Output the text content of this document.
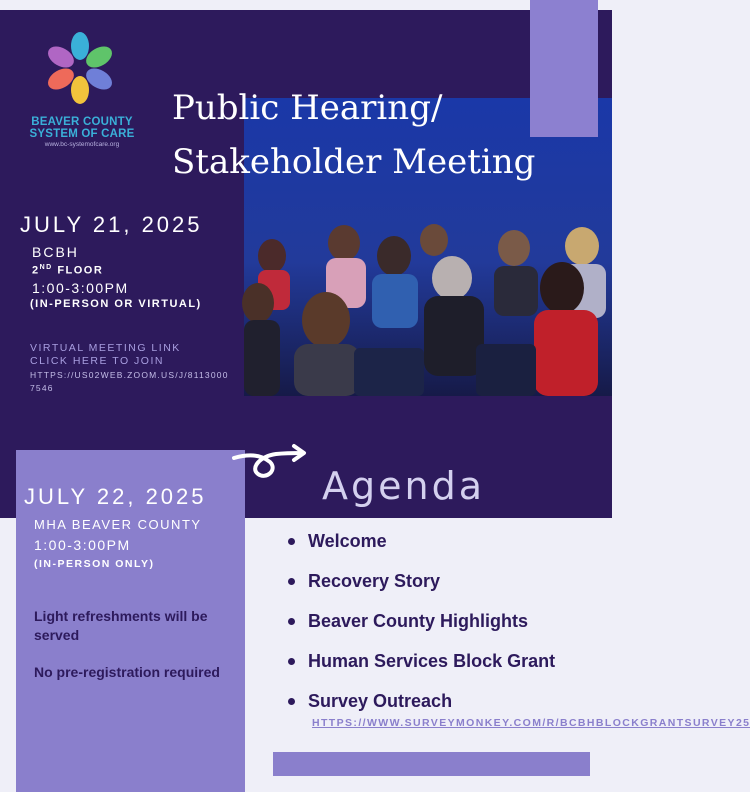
BEAVER COUNTY
SYSTEM OF CARE
www.bc-systemofcare.org
Public Hearing/
Stakeholder Meeting
JULY 21, 2025
BCBH
2ND FLOOR
1:00-3:00PM
(IN-PERSON OR VIRTUAL)
VIRTUAL MEETING LINK
CLICK HERE TO JOIN
HTTPS://US02WEB.ZOOM.US/J/81130007546
JULY 22, 2025
MHA BEAVER COUNTY
1:00-3:00PM
(IN-PERSON ONLY)
Light refreshments will be served
No pre-registration required
Agenda
Welcome
Recovery Story
Beaver County Highlights
Human Services Block Grant
Survey Outreach
HTTPS://WWW.SURVEYMONKEY.COM/R/BCBHBLOCKGRANTSURVEY25
